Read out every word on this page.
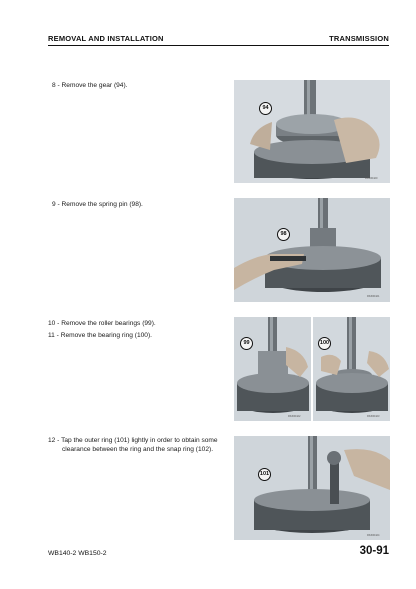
REMOVAL AND INSTALLATION	TRANSMISSION
8 - Remove the gear (94).
94
RKZ00420
9 - Remove the spring pin (98).
98
RKZ00421
10 - Remove the roller bearings (99).
11 - Remove the bearing ring (100).
99
RKZ00422
100
RKZ00423
12 - Tap the outer ring (101) lightly in order to obtain some
clearance between the ring and the snap ring (102).
101
RKZ00424
WB140-2 WB150-2	30-91
